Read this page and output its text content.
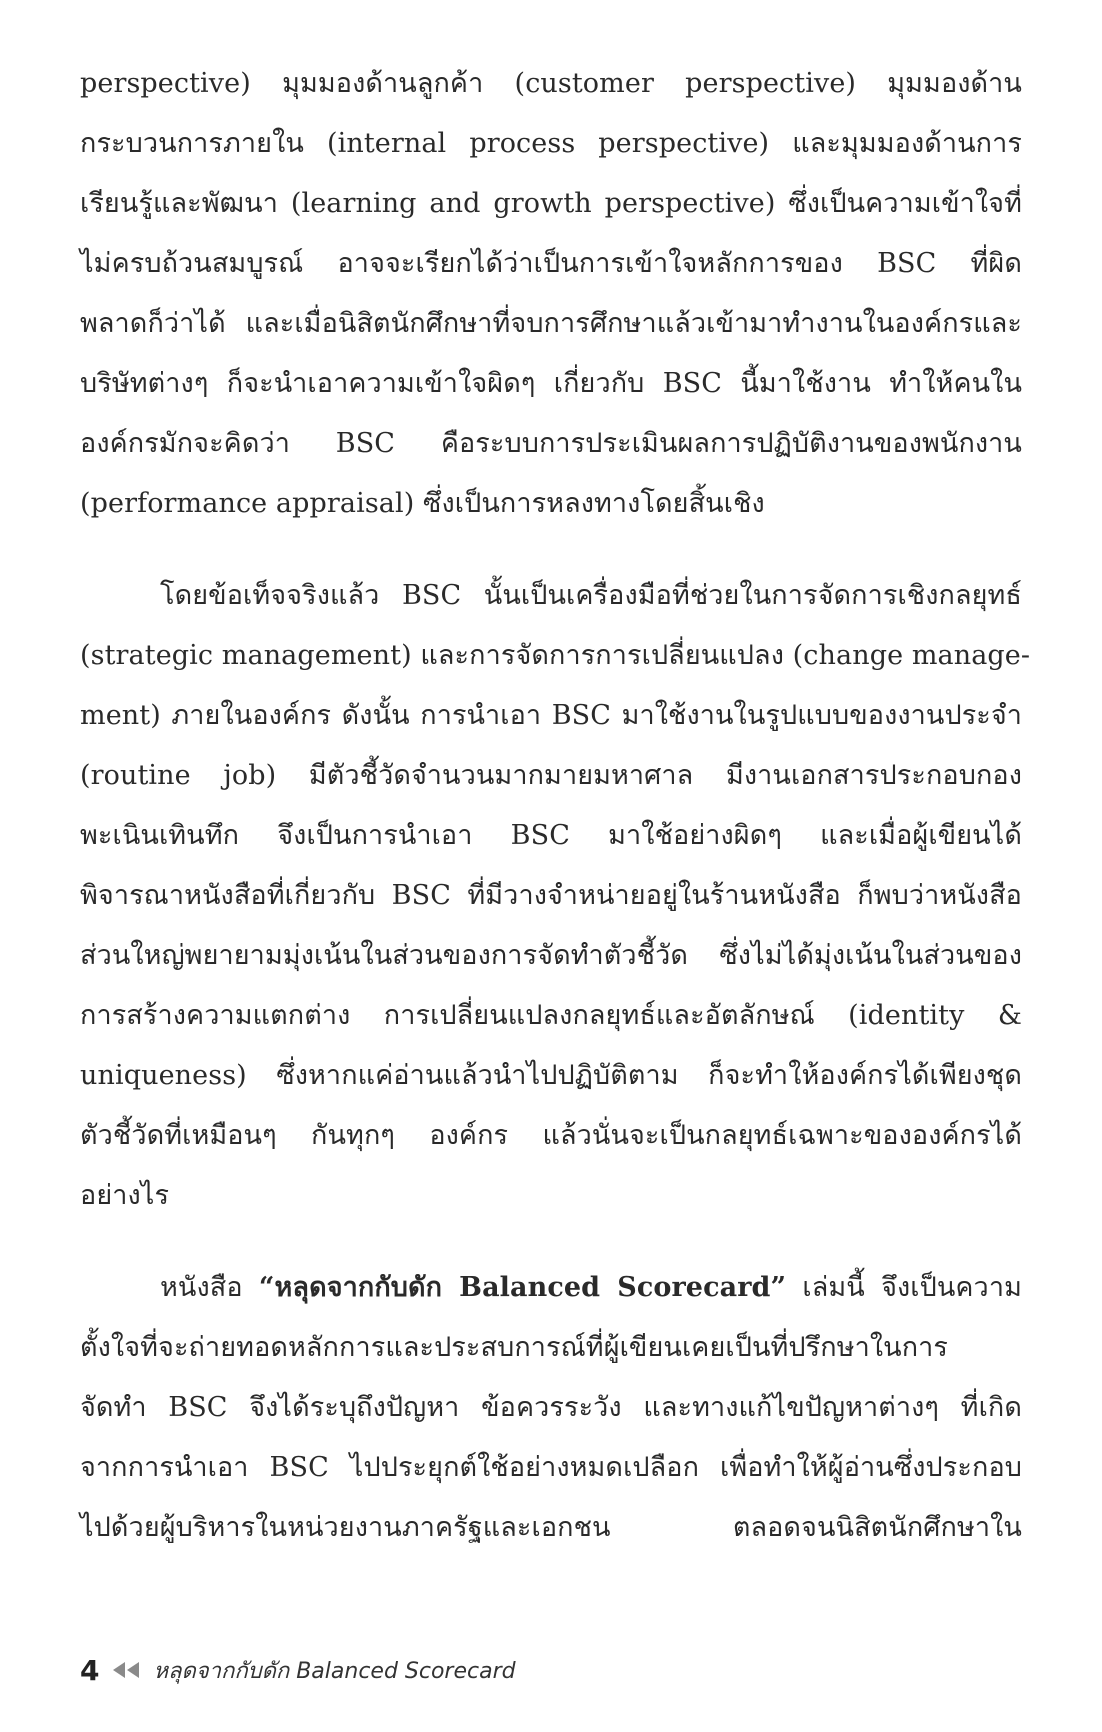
perspective) มุมมองด้านลูกค้า (customer perspective) มุมมองด้าน
กระบวนการภายใน (internal process perspective) และมุมมองด้านการ
เรียนรู้และพัฒนา (learning and growth perspective) ซึ่งเป็นความเข้าใจที่
ไม่ครบถ้วนสมบูรณ์ อาจจะเรียกได้ว่าเป็นการเข้าใจหลักการของ BSC ที่ผิด
พลาดก็ว่าได้ และเมื่อนิสิตนักศึกษาที่จบการศึกษาแล้วเข้ามาทำงานในองค์กรและ
บริษัทต่างๆ ก็จะนำเอาความเข้าใจผิดๆ เกี่ยวกับ BSC นี้มาใช้งาน ทำให้คนใน
องค์กรมักจะคิดว่า BSC คือระบบการประเมินผลการปฏิบัติงานของพนักงาน
(performance appraisal) ซึ่งเป็นการหลงทางโดยสิ้นเชิง
โดยข้อเท็จจริงแล้ว BSC นั้นเป็นเครื่องมือที่ช่วยในการจัดการเชิงกลยุทธ์
(strategic management) และการจัดการการเปลี่ยนแปลง (change manage-
ment) ภายในองค์กร ดังนั้น การนำเอา BSC มาใช้งานในรูปแบบของงานประจำ
(routine job) มีตัวชี้วัดจำนวนมากมายมหาศาล มีงานเอกสารประกอบกอง
พะเนินเทินทึก จึงเป็นการนำเอา BSC มาใช้อย่างผิดๆ และเมื่อผู้เขียนได้
พิจารณาหนังสือที่เกี่ยวกับ BSC ที่มีวางจำหน่ายอยู่ในร้านหนังสือ ก็พบว่าหนังสือ
ส่วนใหญ่พยายามมุ่งเน้นในส่วนของการจัดทำตัวชี้วัด ซึ่งไม่ได้มุ่งเน้นในส่วนของ
การสร้างความแตกต่าง การเปลี่ยนแปลงกลยุทธ์และอัตลักษณ์ (identity &
uniqueness) ซึ่งหากแค่อ่านแล้วนำไปปฏิบัติตาม ก็จะทำให้องค์กรได้เพียงชุด
ตัวชี้วัดที่เหมือนๆ กันทุกๆ องค์กร แล้วนั่นจะเป็นกลยุทธ์เฉพาะขององค์กรได้
อย่างไร
หนังสือ “หลุดจากกับดัก Balanced Scorecard” เล่มนี้ จึงเป็นความ
ตั้งใจที่จะถ่ายทอดหลักการและประสบการณ์ที่ผู้เขียนเคยเป็นที่ปรึกษาในการ
จัดทำ BSC จึงได้ระบุถึงปัญหา ข้อควรระวัง และทางแก้ไขปัญหาต่างๆ ที่เกิด
จากการนำเอา BSC ไปประยุกต์ใช้อย่างหมดเปลือก เพื่อทำให้ผู้อ่านซึ่งประกอบ
ไปด้วยผู้บริหารในหน่วยงานภาครัฐและเอกชน ตลอดจนนิสิตนักศึกษาใน
4 หลุดจากกับดัก Balanced Scorecard
